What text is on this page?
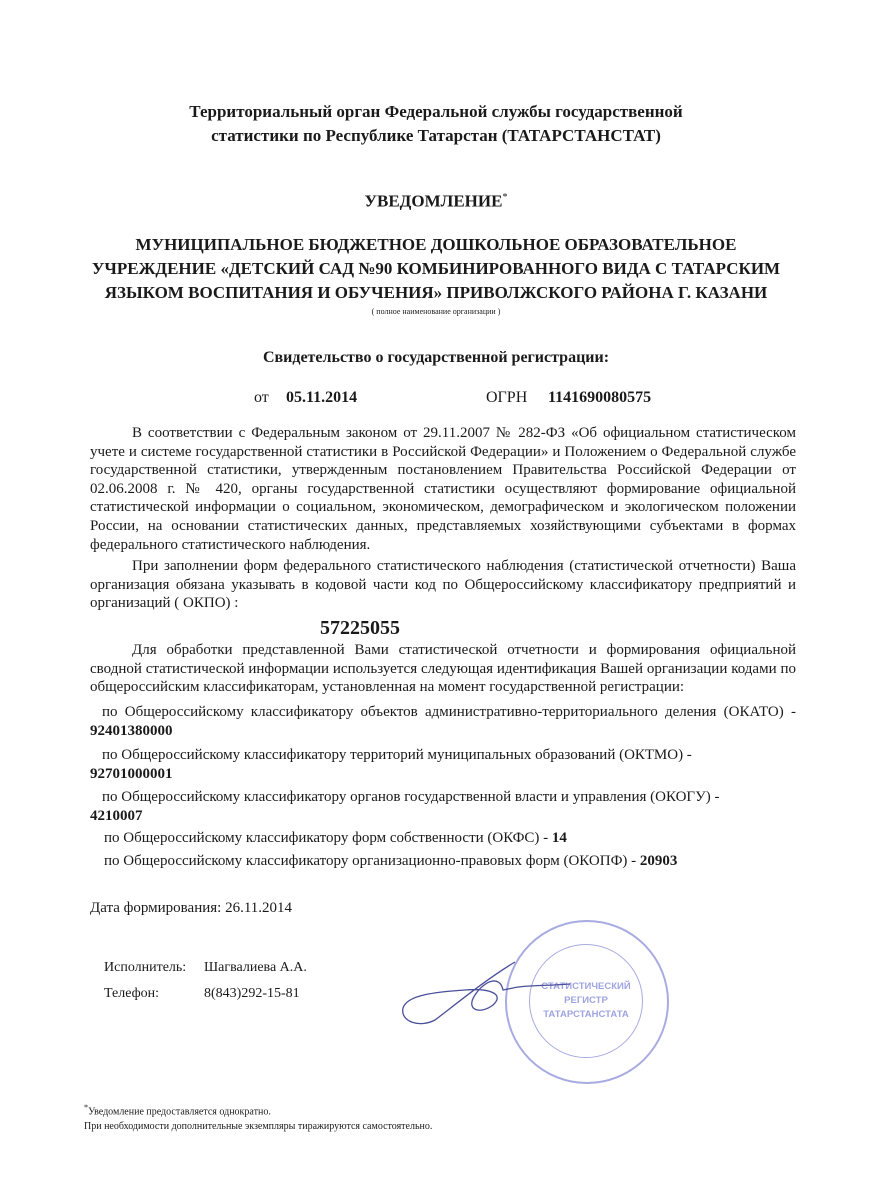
Территориальный орган Федеральной службы государственной
статистики по Республике Татарстан (ТАТАРСТАНСТАТ)
УВЕДОМЛЕНИЕ*
МУНИЦИПАЛЬНОЕ БЮДЖЕТНОЕ ДОШКОЛЬНОЕ ОБРАЗОВАТЕЛЬНОЕ
УЧРЕЖДЕНИЕ «ДЕТСКИЙ САД №90 КОМБИНИРОВАННОГО ВИДА С ТАТАРСКИМ
ЯЗЫКОМ ВОСПИТАНИЯ И ОБУЧЕНИЯ» ПРИВОЛЖСКОГО РАЙОНА Г. КАЗАНИ
( полное наименование организации )
Свидетельство о государственной регистрации:
от 05.11.2014	ОГРН 1141690080575
В соответствии с Федеральным законом от 29.11.2007 № 282-ФЗ «Об официальном статистическом учете и системе государственной статистики в Российской Федерации» и Положением о Федеральной службе государственной статистики, утвержденным постановлением Правительства Российской Федерации от 02.06.2008 г. № 420, органы государственной статистики осуществляют формирование официальной статистической информации о социальном, экономическом, демографическом и экологическом положении России, на основании статистических данных, представляемых хозяйствующими субъектами в формах федерального статистического наблюдения.
При заполнении форм федерального статистического наблюдения (статистической отчетности) Ваша организация обязана указывать в кодовой части код по Общероссийскому классификатору предприятий и организаций ( ОКПО) :
57225055
Для обработки представленной Вами статистической отчетности и формирования официальной сводной статистической информации используется следующая идентификация Вашей организации кодами по общероссийским классификаторам, установленная на момент государственной регистрации:
по Общероссийскому классификатору объектов административно-территориального деления (ОКАТО) - 92401380000
по Общероссийскому классификатору территорий муниципальных образований (ОКТМО) -
92701000001
по Общероссийскому классификатору органов государственной власти и управления (ОКОГУ) -
4210007
по Общероссийскому классификатору форм собственности (ОКФС) - 14
по Общероссийскому классификатору организационно-правовых форм (ОКОПФ) - 20903
Дата формирования: 26.11.2014
Исполнитель: Шагвалиева А.А.
Телефон:	8(843)292-15-81	СТАТИСТИЧЕСКИЙ
РЕГИСТР
ТАТАРСТАНСТАТА
*Уведомление предоставляется однократно.
При необходимости дополнительные экземпляры тиражируются самостоятельно.
